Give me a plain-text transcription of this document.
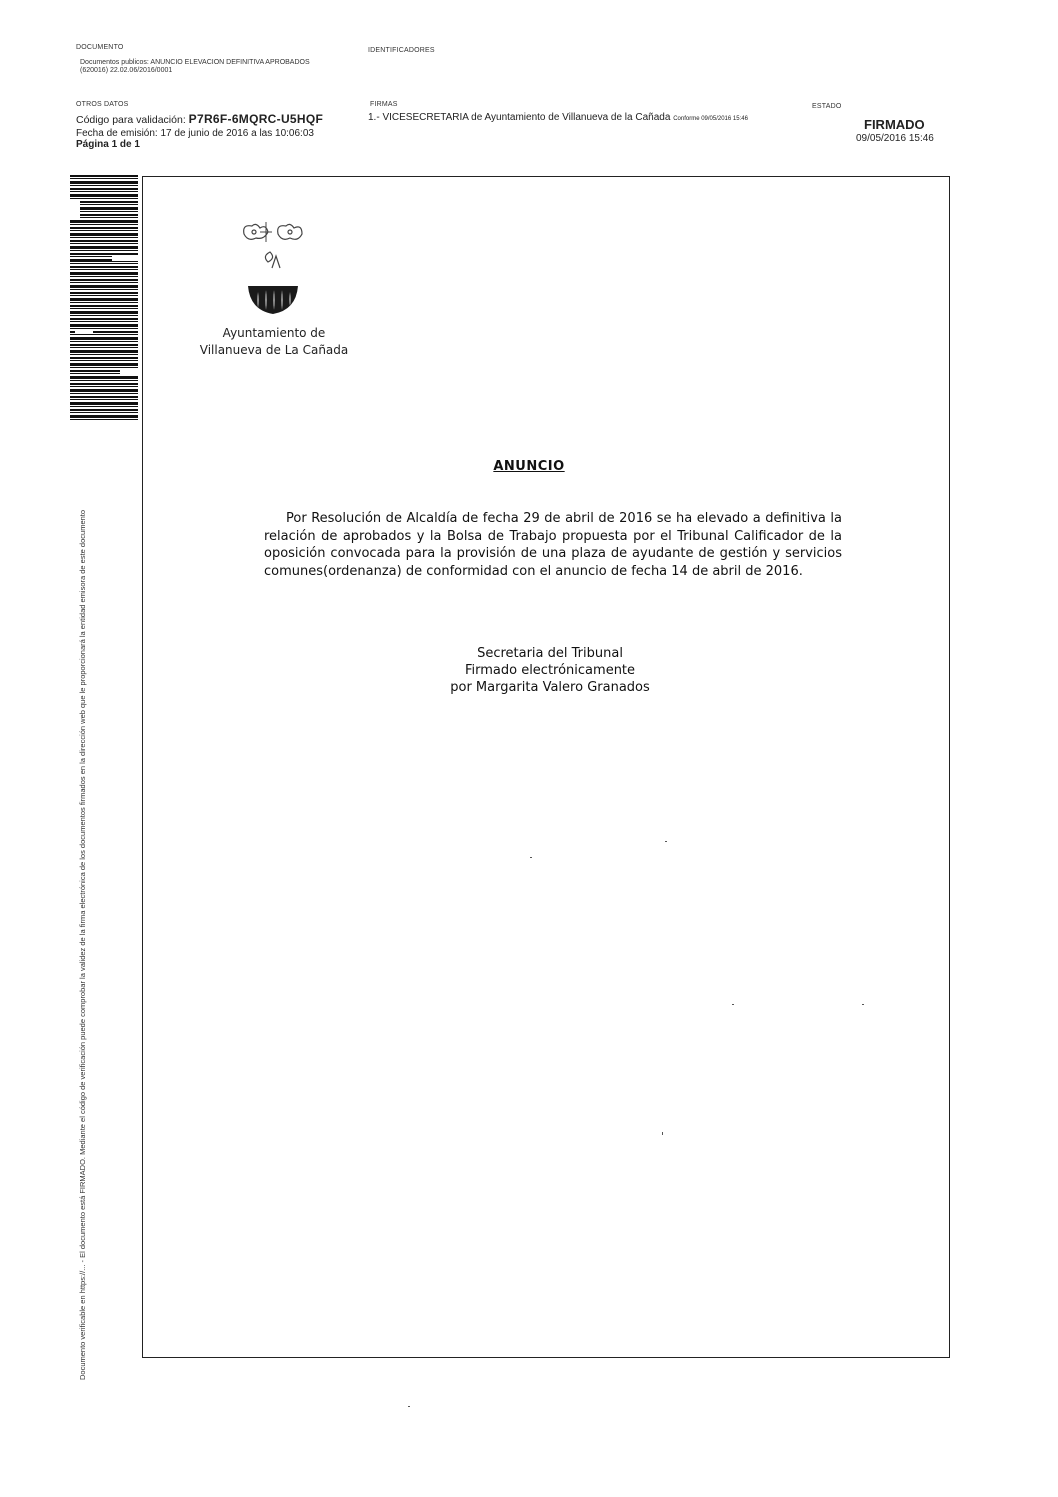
DOCUMENTO
Documentos publicos: ANUNCIO ELEVACION DEFINITIVA APROBADOS (620016) 22.02.06/2016/0001
IDENTIFICADORES
OTROS DATOS
Código para validación: P7R6F-6MQRC-U5HQF
Fecha de emisión: 17 de junio de 2016 a las 10:06:03
Página 1 de 1
FIRMAS
1.- VICESECRETARIA de Ayuntamiento de Villanueva de la Cañada Conforme 09/05/2016 15:46
ESTADO
FIRMADO
09/05/2016 15:46
Documento verificable en https://... - El documento está FIRMADO. Mediante el código de verificación puede comprobar la validez de la firma electrónica de los documentos firmados en la dirección web que le proporcionará la entidad emisora de este documento
Ayuntamiento de
Villanueva de La Cañada
ANUNCIO
Por Resolución de Alcaldía de fecha 29 de abril de 2016 se ha elevado a definitiva la relación de aprobados y la Bolsa de Trabajo propuesta por el Tribunal Calificador de la oposición convocada para la provisión de una plaza de ayudante de gestión y servicios comunes(ordenanza) de conformidad con el anuncio de fecha 14 de abril de 2016.
Secretaria del Tribunal
Firmado electrónicamente
por Margarita Valero Granados
